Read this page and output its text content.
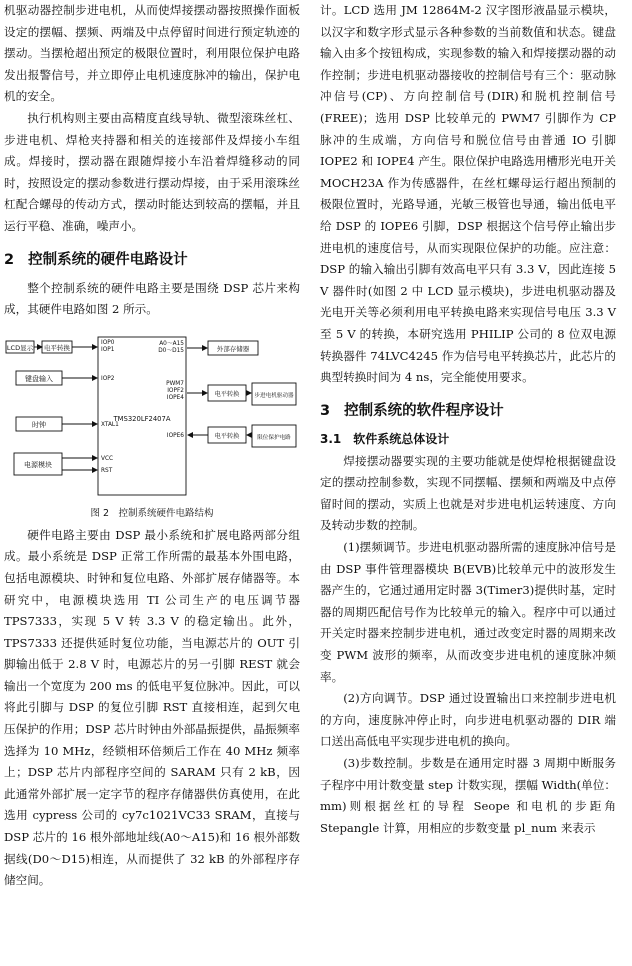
机驱动器控制步进电机，从而使焊接摆动器按照操作面板设定的摆幅、摆频、两端及中点停留时间进行预定轨迹的摆动。当摆枪超出预定的极限位置时，利用限位保护电路发出报警信号，并立即停止电机速度脉冲的输出，保护电机的安全。

执行机构则主要由高精度直线导轨、微型滚珠丝杠、步进电机、焊枪夹持器和相关的连接部件及焊接小车组成。焊接时，摆动器在跟随焊接小车沿着焊缝移动的同时，按照设定的摆动参数进行摆动焊接，由于采用滚珠丝杠配合螺母的传动方式，摆动时能达到较高的摆幅，并且运行平稳、准确，噪声小。

2 控制系统的硬件电路设计

整个控制系统的硬件电路主要是围绕 DSP 芯片来构成，其硬件电路如图 2 所示。

LCD显示 电平转换
键盘输入
时钟
电源模块
外部存储器
电平转换	步进电机驱动器
电平转换	限位保护电路
TMS320LF2407A
IOP0
IOP1
IOP2
XTAL1
VCC
RST
A0～A15
D0～D15
PWM7
IOPF2
IOPE4
IOPE6
图 2　控制系统硬件电路结构

硬件电路主要由 DSP 最小系统和扩展电路两部分组成。最小系统是 DSP 正常工作所需的最基本外围电路，包括电源模块、时钟和复位电路、外部扩展存储器等。本研究中，电源模块选用 TI 公司生产的电压调节器 TPS7333，实现 5 V 转 3.3 V 的稳定输出。此外，TPS7333 还提供延时复位功能，当电源芯片的 OUT 引脚输出低于 2.8 V 时，电源芯片的另一引脚 REST 就会输出一个宽度为 200 ms 的低电平复位脉冲。因此，可以将此引脚与 DSP 的复位引脚 RST 直接相连，起到欠电压保护的作用；DSP 芯片时钟由外部晶振提供，晶振频率选择为 10 MHz，经锁相环倍频后工作在 40 MHz 频率上；DSP 芯片内部程序空间的 SARAM 只有 2 kB，因此通常外部扩展一定字节的程序存储器供仿真使用，在此选用 cypress 公司的 cy7c1021VC33 SRAM，直接与 DSP 芯片的 16 根外部地址线(A0～A15)和 16 根外部数据线(D0～D15)相连，从而提供了 32 kB 的外部程序存储空间。

计。LCD 选用 JM 12864M-2 汉字图形液晶显示模块，以汉字和数字形式显示各种参数的当前数值和状态。键盘输入由多个按钮构成，实现参数的输入和焊接摆动器的动作控制；步进电机驱动器接收的控制信号有三个：驱动脉冲信号(CP)、方向控制信号(DIR)和脱机控制信号(FREE)；选用 DSP 比较单元的 PWM7 引脚作为 CP 脉冲的生成端，方向信号和脱位信号由普通 IO 引脚 IOPE2 和 IOPE4 产生。限位保护电路选用槽形光电开关 MOCH23A 作为传感器件，在丝杠螺母运行超出预制的极限位置时，光路导通，光敏三极管也导通，输出低电平给 DSP 的 IOPE6 引脚，DSP 根据这个信号停止输出步进电机的速度信号，从而实现限位保护的功能。应注意：DSP 的输入输出引脚有效高电平只有 3.3 V，因此连接 5 V 器件时(如图 2 中 LCD 显示模块)，步进电机驱动器及光电开关等必须利用电平转换电路来实现信号电压 3.3 V 至 5 V 的转换，本研究选用 PHILIP 公司的 8 位双电源转换器件 74LVC4245 作为信号电平转换芯片，此芯片的典型转换时间为 4 ns，完全能使用要求。

3 控制系统的软件程序设计
3.1 软件系统总体设计

焊接摆动器要实现的主要功能就是使焊枪根据键盘设定的摆动控制参数，实现不同摆幅、摆频和两端及中点停留时间的摆动，实质上也就是对步进电机运转速度、方向及转动步数的控制。

(1)摆频调节。步进电机驱动器所需的速度脉冲信号是由 DSP 事件管理器模块 B(EVB)比较单元中的波形发生器产生的，它通过通用定时器 3(Timer3)提供时基，定时器的周期匹配信号作为比较单元的输入。程序中可以通过开关定时器来控制步进电机，通过改变定时器的周期来改变 PWM 波形的频率，从而改变步进电机的速度脉冲频率。

(2)方向调节。DSP 通过设置输出口来控制步进电机的方向，速度脉冲停止时，向步进电机驱动器的 DIR 端口送出高低电平实现步进电机的换向。

(3)步数控制。步数是在通用定时器 3 周期中断服务子程序中用计数变量 step 计数实现，摆幅 Width(单位：mm)则根据丝杠的导程 Seope 和电机的步距角 Stepangle 计算，用相应的步数变量 pl_num 来表示
